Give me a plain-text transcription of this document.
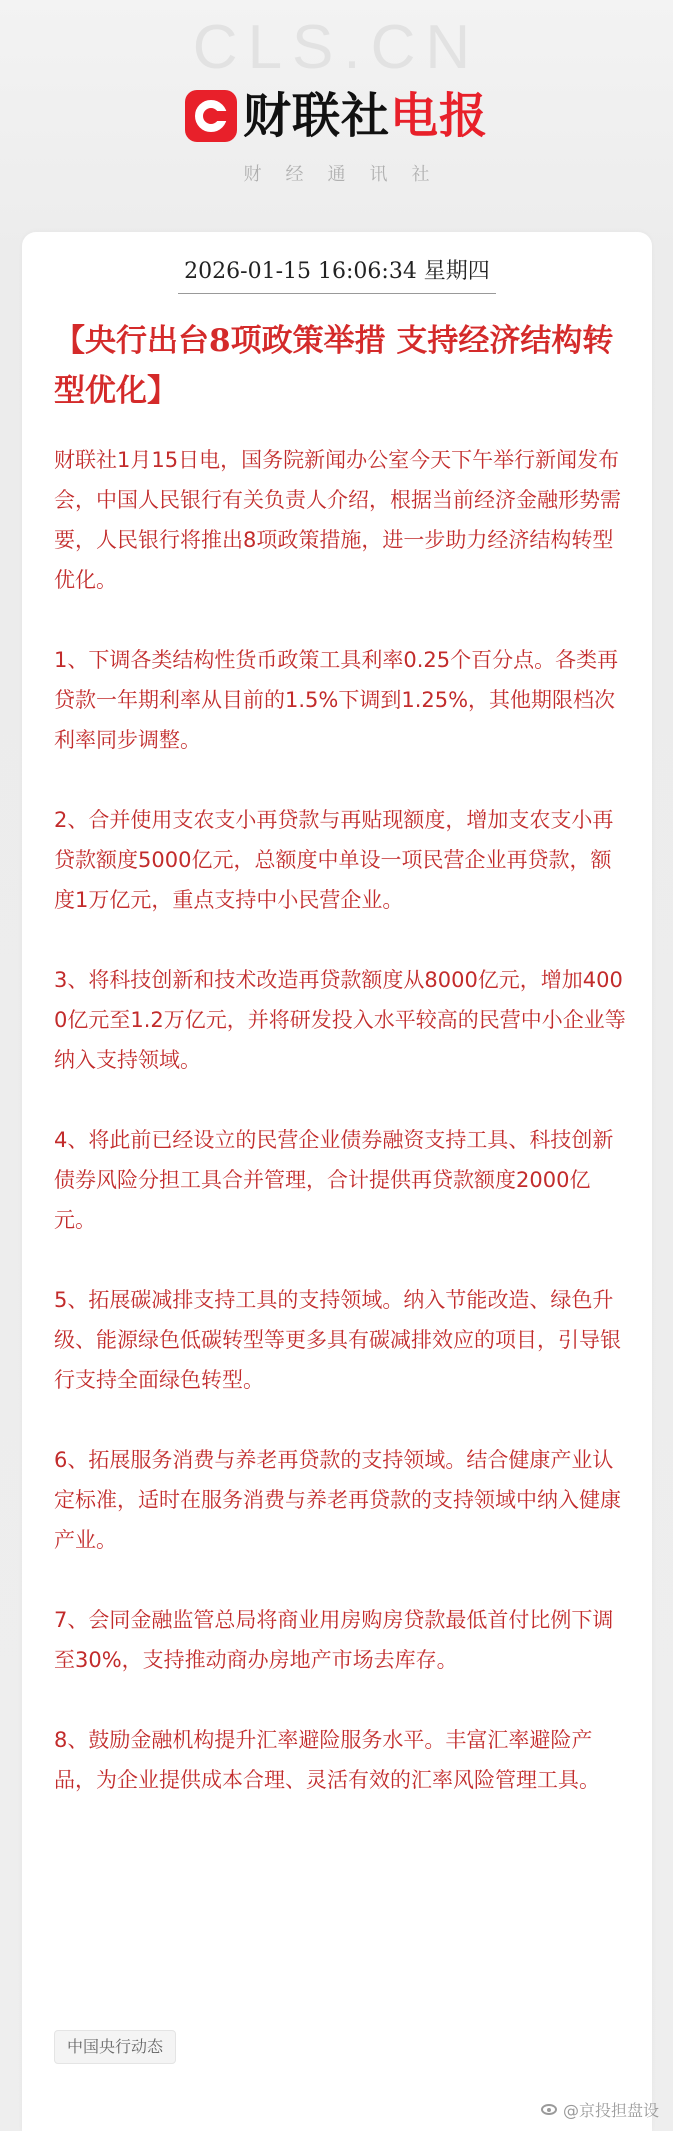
CLS.CN
财联社电报
财经通讯社
2026-01-15 16:06:34 星期四
【央行出台8项政策举措 支持经济结构转型优化】

财联社1月15日电，国务院新闻办公室今天下午举行新闻发布会，中国人民银行有关负责人介绍，根据当前经济金融形势需要，人民银行将推出8项政策措施，进一步助力经济结构转型优化。

1、下调各类结构性货币政策工具利率0.25个百分点。各类再贷款一年期利率从目前的1.5%下调到1.25%，其他期限档次利率同步调整。

2、合并使用支农支小再贷款与再贴现额度，增加支农支小再贷款额度5000亿元，总额度中单设一项民营企业再贷款，额度1万亿元，重点支持中小民营企业。

3、将科技创新和技术改造再贷款额度从8000亿元，增加4000亿元至1.2万亿元，并将研发投入水平较高的民营中小企业等纳入支持领域。

4、将此前已经设立的民营企业债券融资支持工具、科技创新债券风险分担工具合并管理，合计提供再贷款额度2000亿元。

5、拓展碳减排支持工具的支持领域。纳入节能改造、绿色升级、能源绿色低碳转型等更多具有碳减排效应的项目，引导银行支持全面绿色转型。

6、拓展服务消费与养老再贷款的支持领域。结合健康产业认定标准，适时在服务消费与养老再贷款的支持领域中纳入健康产业。

7、会同金融监管总局将商业用房购房贷款最低首付比例下调至30%，支持推动商办房地产市场去库存。

8、鼓励金融机构提升汇率避险服务水平。丰富汇率避险产品，为企业提供成本合理、灵活有效的汇率风险管理工具。

中国央行动态
@京投担盘设
